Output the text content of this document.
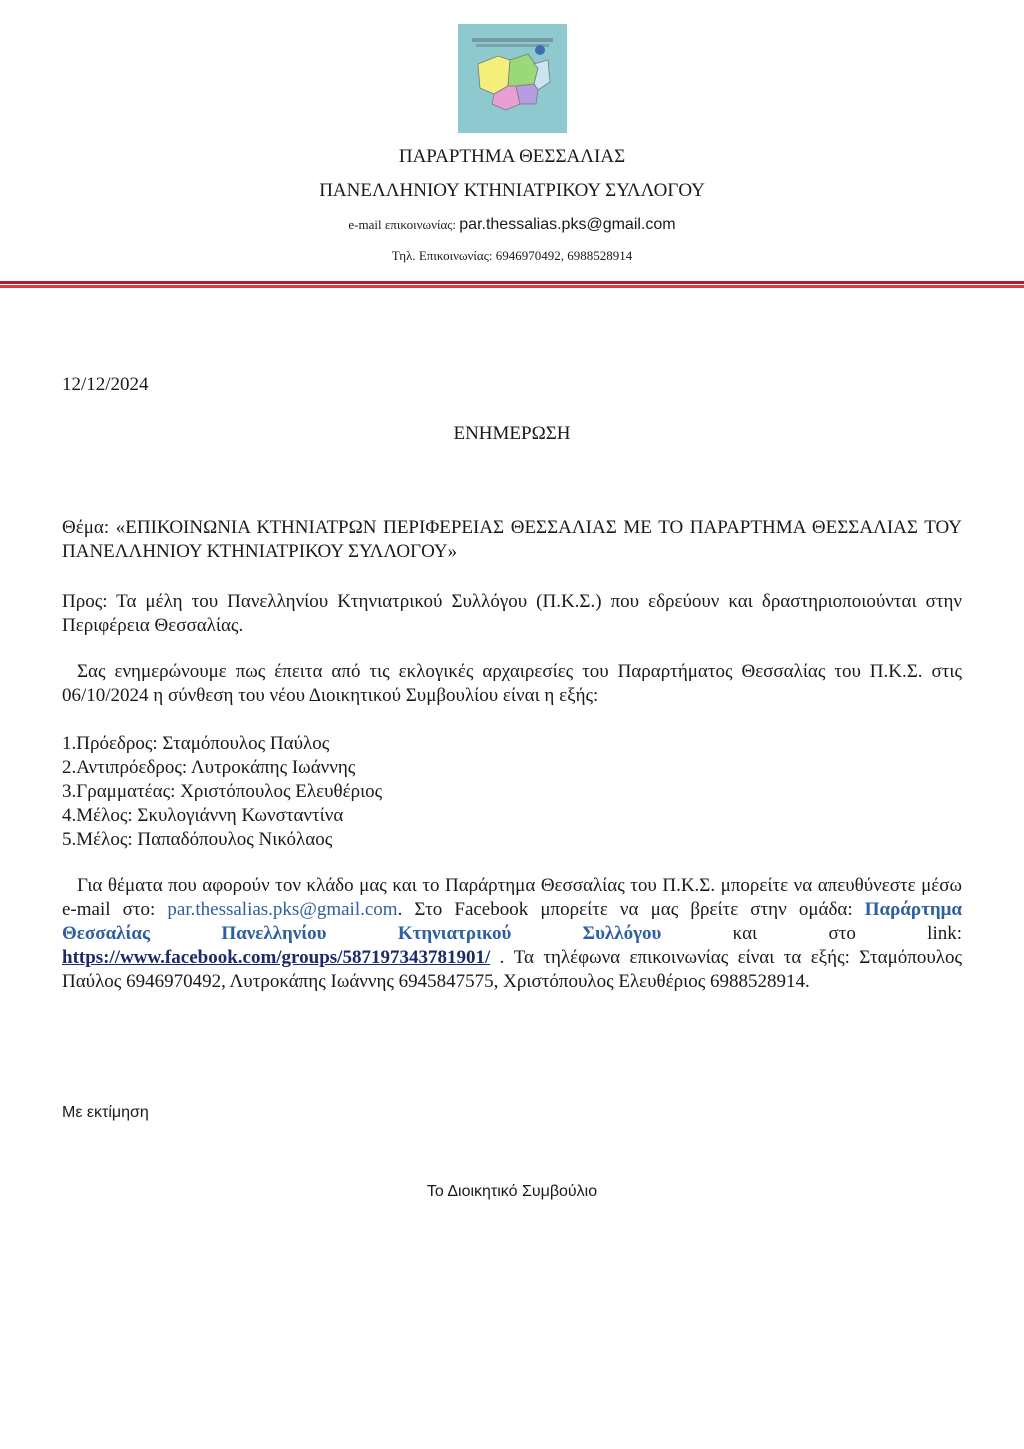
ΠΑΡΑΡΤΗΜΑ ΘΕΣΣΑΛΙΑΣ
ΠΑΝΕΛΛΗΝΙΟΥ ΚΤΗΝΙΑΤΡΙΚΟΥ ΣΥΛΛΟΓΟΥ
e-mail επικοινωνίας: par.thessalias.pks@gmail.com
Τηλ. Επικοινωνίας: 6946970492, 6988528914
12/12/2024
ΕΝΗΜΕΡΩΣΗ
Θέμα: «ΕΠΙΚΟΙΝΩΝΙΑ ΚΤΗΝΙΑΤΡΩΝ ΠΕΡΙΦΕΡΕΙΑΣ ΘΕΣΣΑΛΙΑΣ ΜΕ ΤΟ ΠΑΡΑΡΤΗΜΑ ΘΕΣΣΑΛΙΑΣ ΤΟΥ ΠΑΝΕΛΛΗΝΙΟΥ ΚΤΗΝΙΑΤΡΙΚΟΥ ΣΥΛΛΟΓΟΥ»
Προς: Τα μέλη του Πανελληνίου Κτηνιατρικού Συλλόγου (Π.Κ.Σ.) που εδρεύουν και δραστηριοποιούνται στην Περιφέρεια Θεσσαλίας.
Σας ενημερώνουμε πως έπειτα από τις εκλογικές αρχαιρεσίες του Παραρτήματος Θεσσαλίας του Π.Κ.Σ. στις 06/10/2024 η σύνθεση του νέου Διοικητικού Συμβουλίου είναι η εξής:
1.Πρόεδρος: Σταμόπουλος Παύλος
2.Αντιπρόεδρος: Λυτροκάπης Ιωάννης
3.Γραμματέας: Χριστόπουλος Ελευθέριος
4.Μέλος: Σκυλογιάννη Κωνσταντίνα
5.Μέλος: Παπαδόπουλος Νικόλαος
Για θέματα που αφορούν τον κλάδο μας και το Παράρτημα Θεσσαλίας του Π.Κ.Σ. μπορείτε να απευθύνεστε μέσω e-mail στο: par.thessalias.pks@gmail.com. Στο Facebook μπορείτε να μας βρείτε στην ομάδα: Παράρτημα Θεσσαλίας Πανελληνίου Κτηνιατρικού Συλλόγου και στο link: https://www.facebook.com/groups/587197343781901/ . Τα τηλέφωνα επικοινωνίας είναι τα εξής: Σταμόπουλος Παύλος 6946970492, Λυτροκάπης Ιωάννης 6945847575, Χριστόπουλος Ελευθέριος 6988528914.
Με εκτίμηση
Το Διοικητικό Συμβούλιο
